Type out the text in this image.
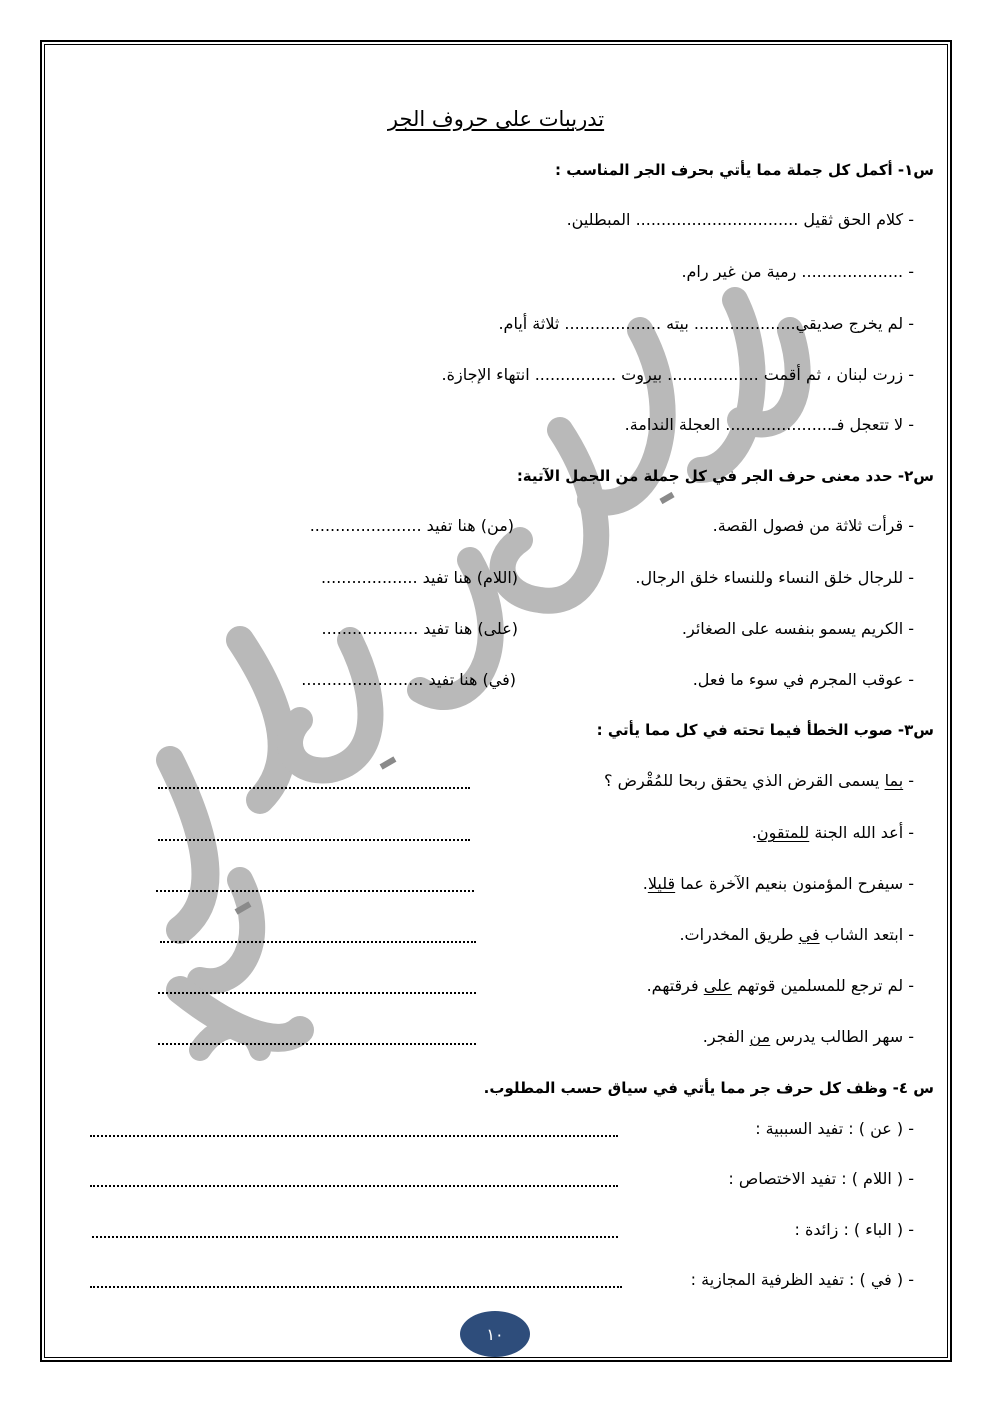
تدريبات على حروف الجر
س١- أكمل كل جملة مما يأتي بحرف الجر المناسب :
- كلام الحق ثقيل ................................ المبطلين.
- .................... رمية من غير رام.
- لم يخرج صديقي.................... بيته ................... ثلاثة أيام.
- زرت لبنان ، ثم أقمت .................. بيروت ................ انتهاء الإجازة.
- لا تتعجل فـ..................... العجلة الندامة.
س٢- حدد معنى حرف الجر في كل جملة من الجمل الآتية:
- قرأت ثلاثة من فصول القصة.
(من) هنا تفيد ......................
- للرجال خلق النساء وللنساء خلق الرجال.
(اللام) هنا تفيد ...................
- الكريم يسمو بنفسه على الصغائر.
(على) هنا تفيد ...................
- عوقب المجرم في سوء ما فعل.
(في) هنا تفيد ........................
س٣- صوب الخطأ فيما تحته في كل مما يأتي :
- بما يسمى القرض الذي يحقق ربحا للمُقْرض ؟
- أعد الله الجنة للمتقون.
- سيفرح المؤمنون بنعيم الآخرة عما قليلا.
- ابتعد الشاب في طريق المخدرات.
- لم ترجع للمسلمين قوتهم على فرقتهم.
- سهر الطالب يدرس من الفجر.
س ٤- وظف كل حرف جر مما يأتي في سياق حسب المطلوب.
- ( عن ) : تفيد السببية :
- ( اللام ) : تفيد الاختصاص :
- ( الباء ) : زائدة :
- ( في ) : تفيد الظرفية المجازية :
١٠
